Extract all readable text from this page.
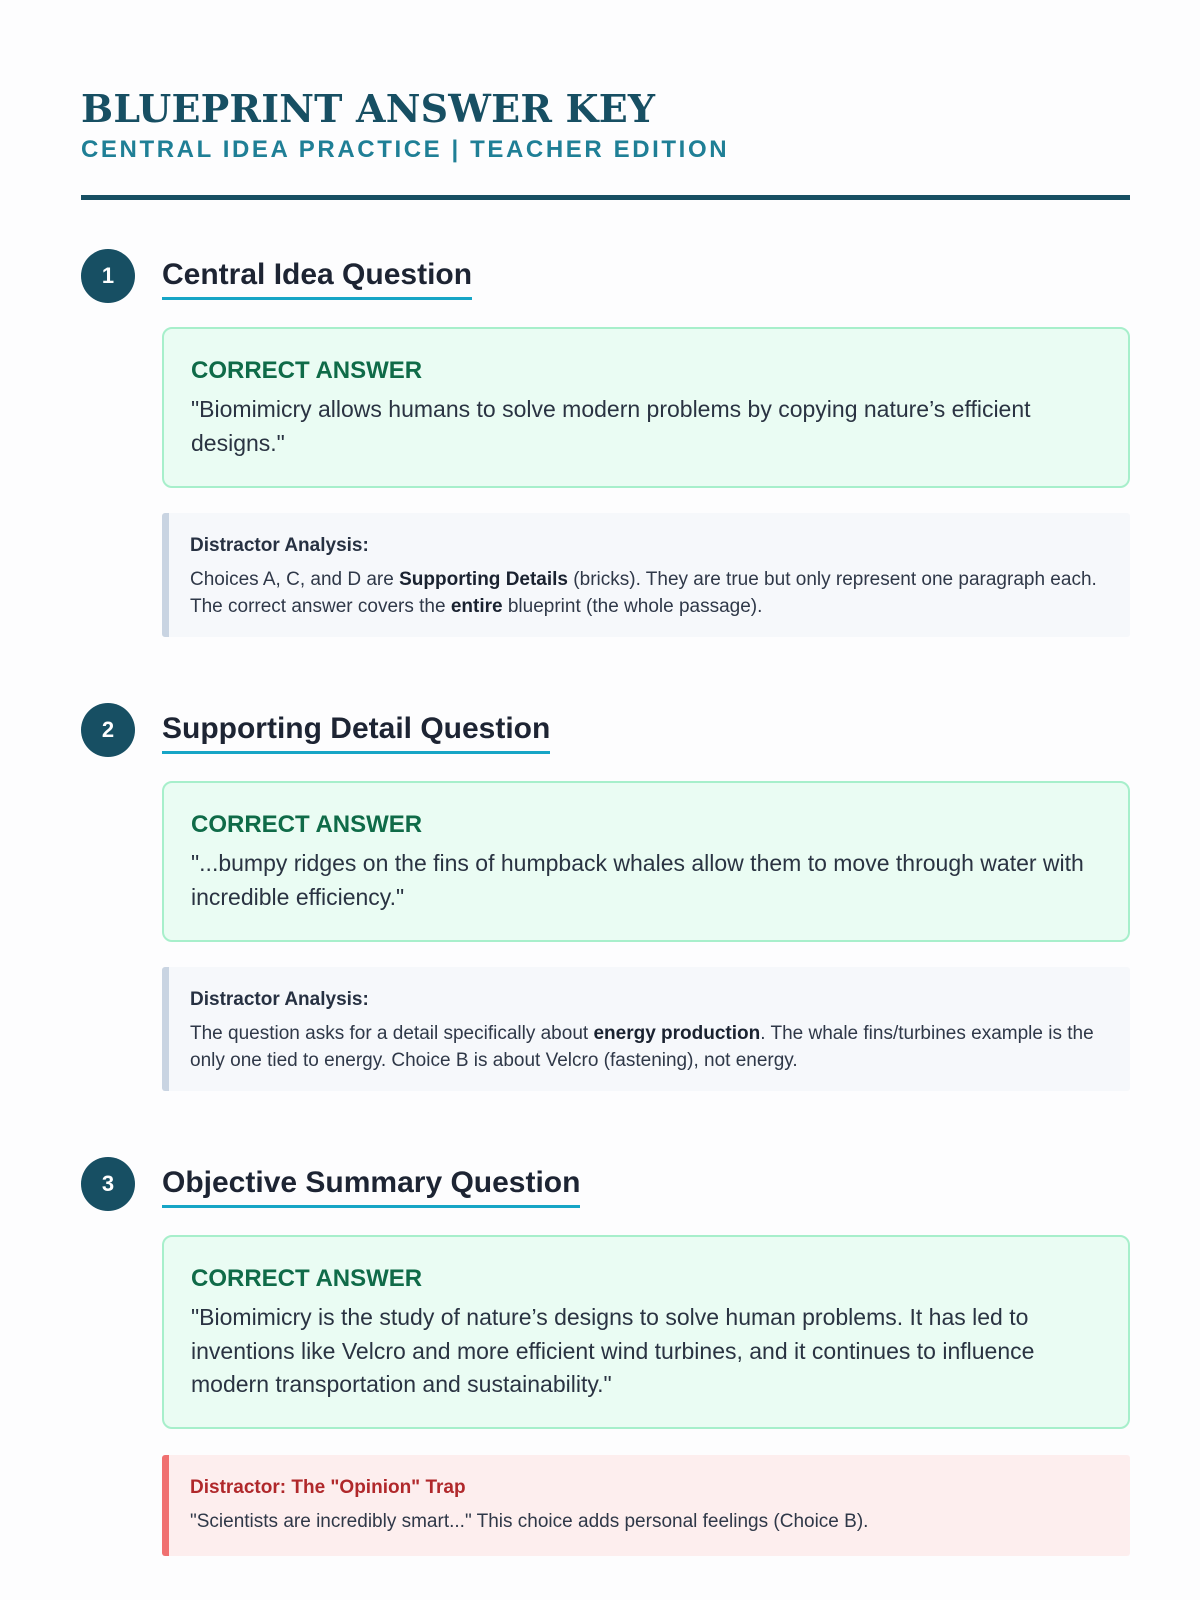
BLUEPRINT ANSWER KEY
CENTRAL IDEA PRACTICE | TEACHER EDITION
1	Central Idea Question
CORRECT ANSWER
"Biomimicry allows humans to solve modern problems by copying nature’s efficient designs."
Distractor Analysis:
Choices A, C, and D are Supporting Details (bricks). They are true but only represent one paragraph each. The correct answer covers the entire blueprint (the whole passage).
2	Supporting Detail Question
CORRECT ANSWER
"...bumpy ridges on the fins of humpback whales allow them to move through water with incredible efficiency."
Distractor Analysis:
The question asks for a detail specifically about energy production. The whale fins/turbines example is the only one tied to energy. Choice B is about Velcro (fastening), not energy.
3	Objective Summary Question
CORRECT ANSWER
"Biomimicry is the study of nature’s designs to solve human problems. It has led to inventions like Velcro and more efficient wind turbines, and it continues to influence modern transportation and sustainability."
Distractor: The "Opinion" Trap
"Scientists are incredibly smart..." This choice adds personal feelings (Choice B).
